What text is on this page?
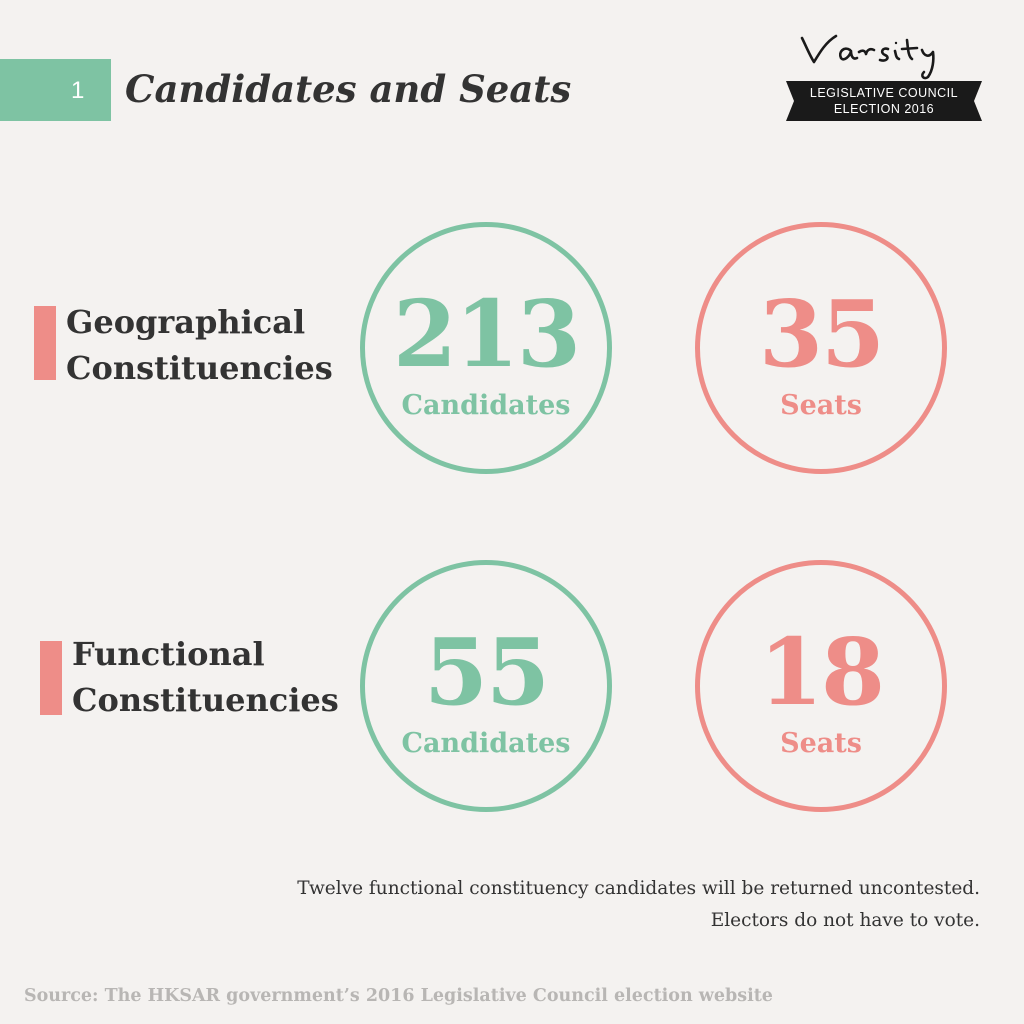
1 Candidates and Seats	LEGISLATIVE COUNCIL
ELECTION 2016
Geographical
Constituencies 213
Candidates
35
Seats
Functional
Constituencies 55
Candidates
18
Seats
Twelve functional constituency candidates will be returned uncontested.
Electors do not have to vote.
Source: The HKSAR government’s 2016 Legislative Council election website
